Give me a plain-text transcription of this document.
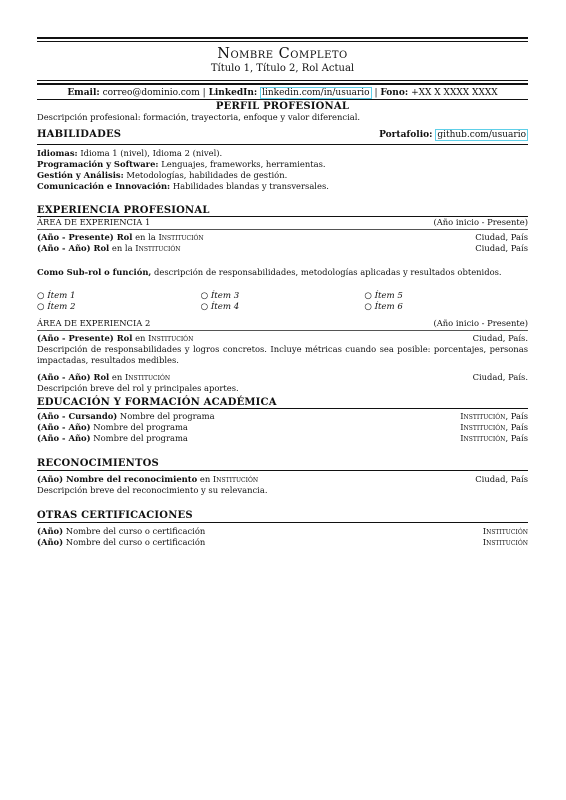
Nombre Completo
Título 1, Título 2, Rol Actual
Email: correo@dominio.com | LinkedIn: linkedin.com/in/usuario | Fono: +XX X XXXX XXXX
PERFIL PROFESIONAL
Descripción profesional: formación, trayectoria, enfoque y valor diferencial.
HABILIDADES	Portafolio: github.com/usuario
Idiomas: Idioma 1 (nivel), Idioma 2 (nivel).
Programación y Software: Lenguajes, frameworks, herramientas.
Gestión y Análisis: Metodologías, habilidades de gestión.
Comunicación e Innovación: Habilidades blandas y transversales.
EXPERIENCIA PROFESIONAL
ÁREA DE EXPERIENCIA 1	(Año inicio - Presente)
(Año - Presente) Rol en la Institución	Ciudad, País
(Año - Año) Rol en la Institución	Ciudad, País
Como Sub-rol o función, descripción de responsabilidades, metodologías aplicadas y resultados obtenidos.
○ Ítem 1	○ Ítem 3	○ Ítem 5
○ Ítem 2	○ Ítem 4	○ Ítem 6
ÁREA DE EXPERIENCIA 2	(Año inicio - Presente)
(Año - Presente) Rol en Institución	Ciudad, País.
Descripción de responsabilidades y logros concretos. Incluye métricas cuando sea posible: porcentajes, personas impactadas, resultados medibles.
(Año - Año) Rol en Institución	Ciudad, País.
Descripción breve del rol y principales aportes.
EDUCACIÓN Y FORMACIÓN ACADÉMICA
(Año - Cursando) Nombre del programa	Institución, País
(Año - Año) Nombre del programa	Institución, País
(Año - Año) Nombre del programa	Institución, País
RECONOCIMIENTOS
(Año) Nombre del reconocimiento en Institución	Ciudad, País
Descripción breve del reconocimiento y su relevancia.
OTRAS CERTIFICACIONES
(Año) Nombre del curso o certificación	Institución
(Año) Nombre del curso o certificación	Institución
